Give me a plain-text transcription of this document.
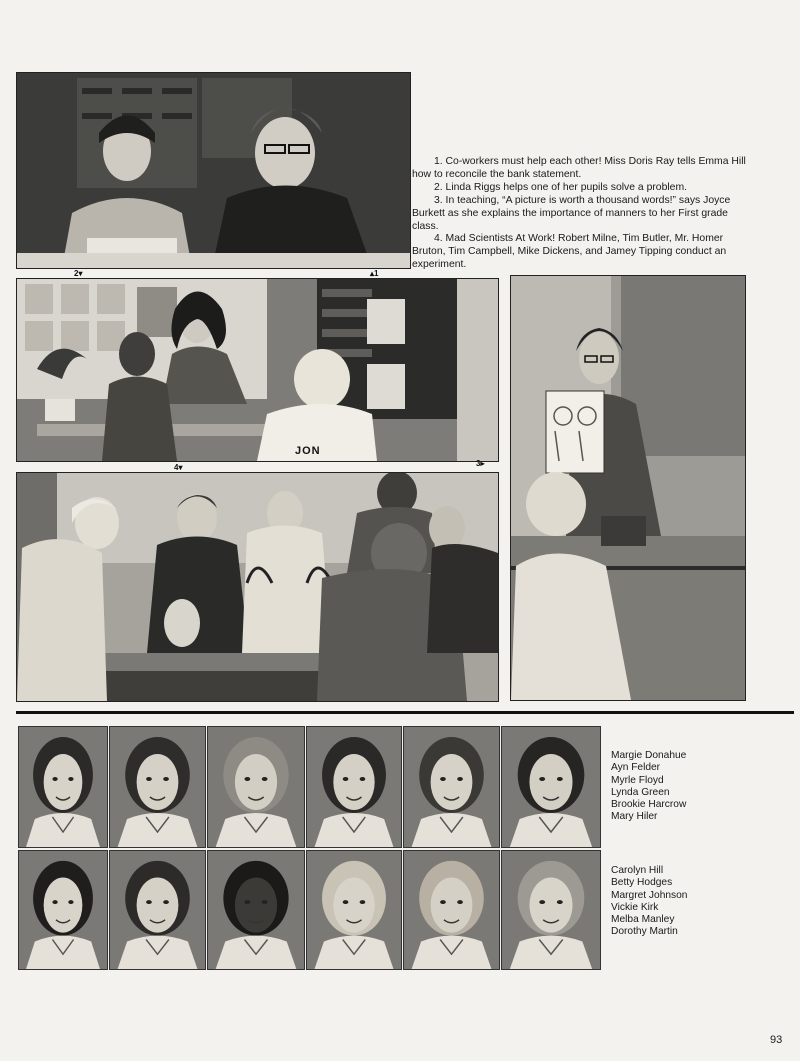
2▾	▴1

1. Co-workers must help each other! Miss Doris Ray tells Emma Hill how to reconcile the bank statement.

2. Linda Riggs helps one of her pupils solve a problem.

3. In teaching, “A picture is worth a thousand words!” says Joyce Burkett as she explains the importance of manners to her First grade class.

4. Mad Scientists At Work! Robert Milne, Tim Butler, Mr. Homer Bruton, Tim Campbell, Mike Dickens, and Jamey Tipping conduct an experiment.

JON
4▾	3▸
Margie Donahue
Ayn Felder
Myrle Floyd
Lynda Green
Brookie Harcrow
Mary Hiler
Carolyn Hill
Betty Hodges
Margret Johnson
Vickie Kirk
Melba Manley
Dorothy Martin
93
